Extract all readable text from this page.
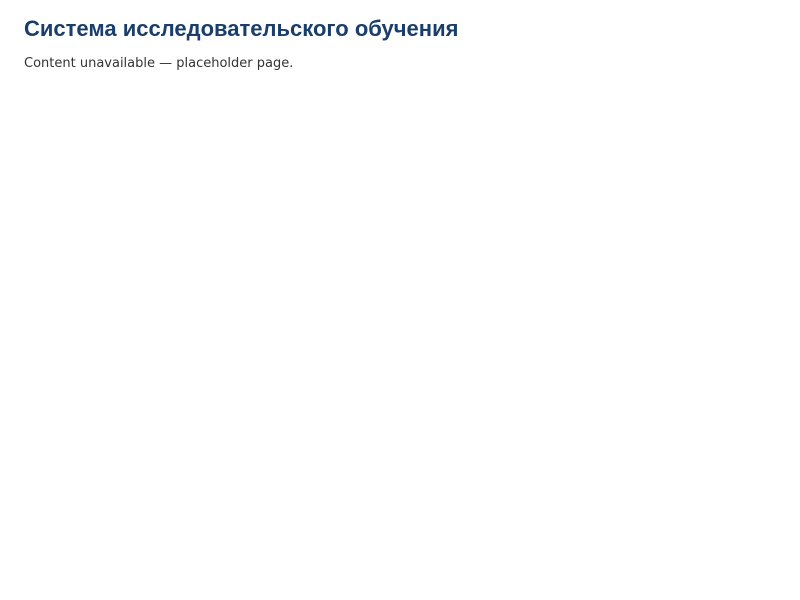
Система исследовательского обучения
Content unavailable — placeholder page.
